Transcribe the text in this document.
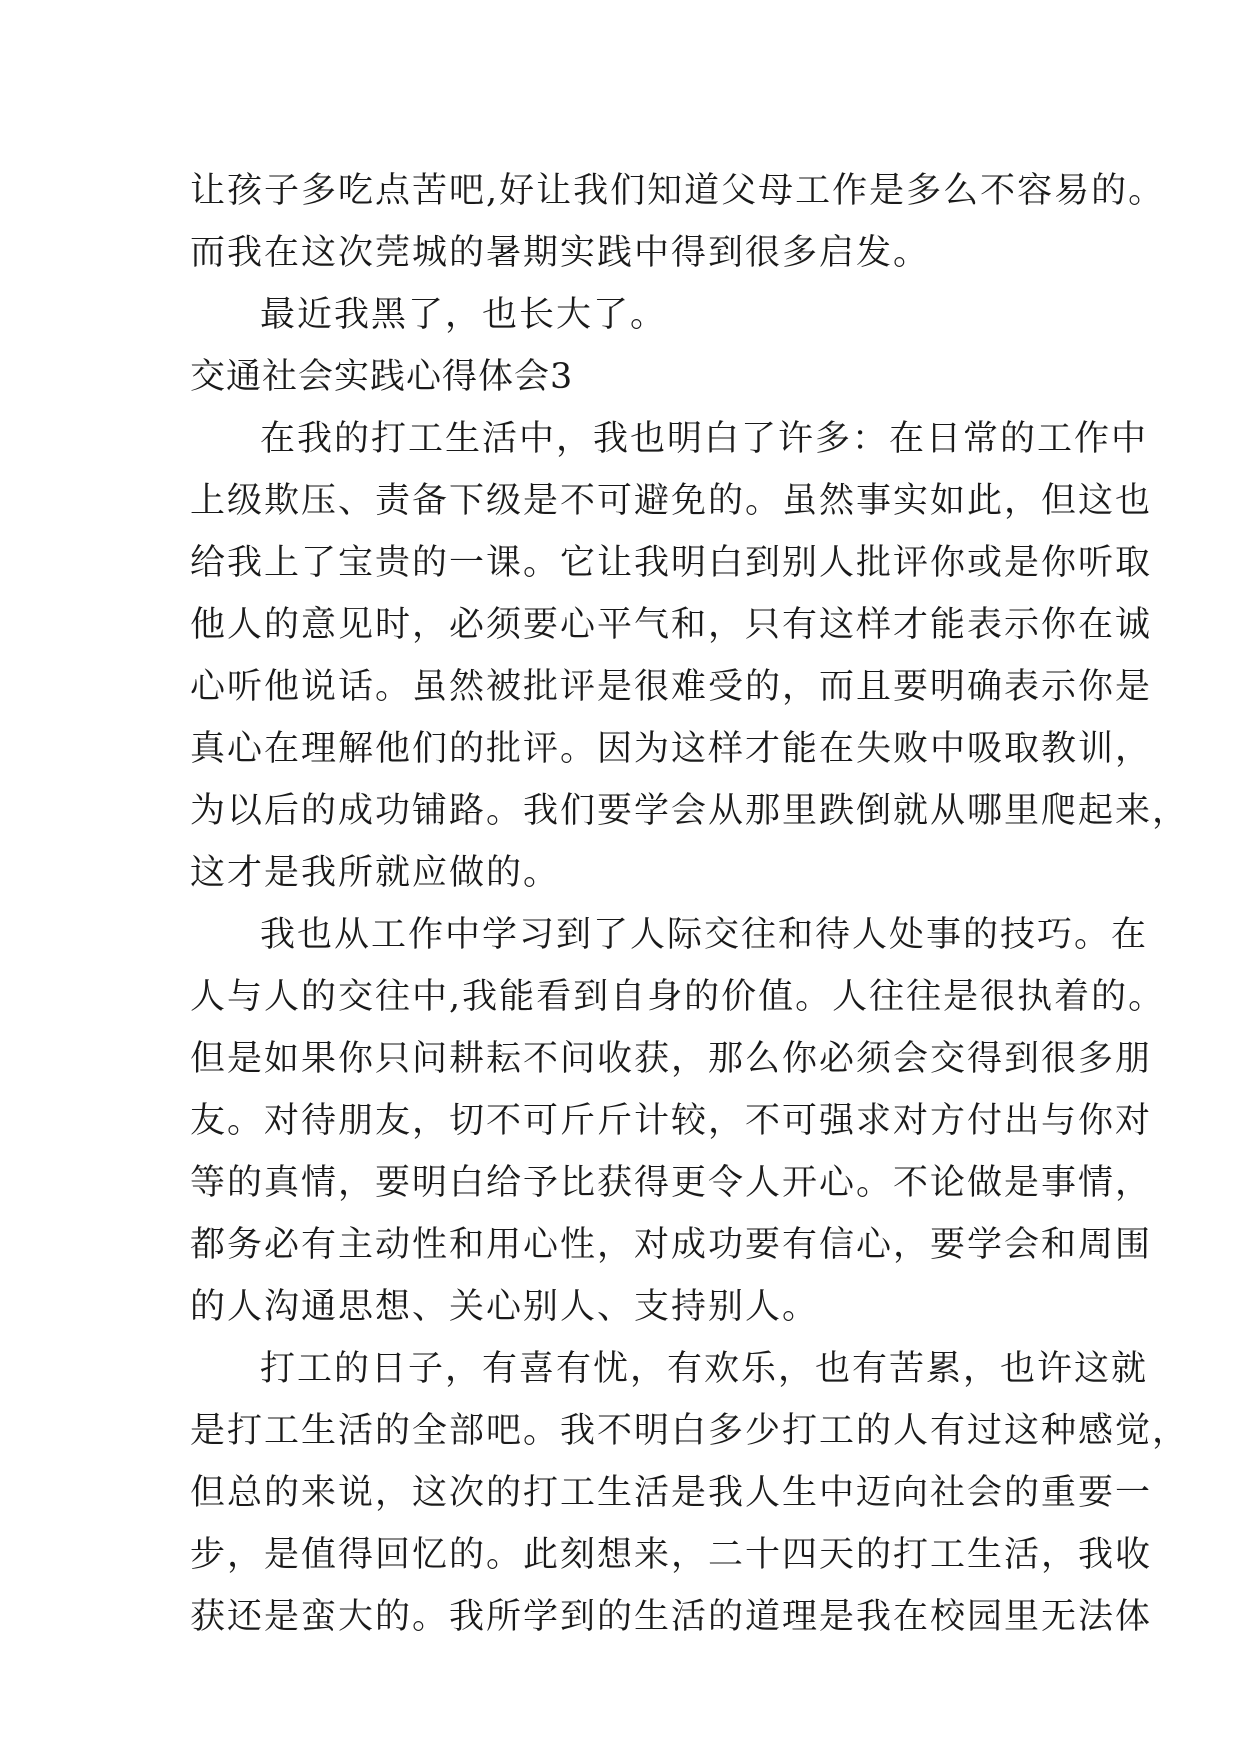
让孩子多吃点苦吧,好让我们知道父母工作是多么不容易的。
而我在这次莞城的暑期实践中得到很多启发。
最近我黑了，也长大了。
交通社会实践心得体会3
在我的打工生活中，我也明白了许多：在日常的工作中
上级欺压、责备下级是不可避免的。虽然事实如此，但这也
给我上了宝贵的一课。它让我明白到别人批评你或是你听取
他人的意见时，必须要心平气和，只有这样才能表示你在诚
心听他说话。虽然被批评是很难受的，而且要明确表示你是
真心在理解他们的批评。因为这样才能在失败中吸取教训，
为以后的成功铺路。我们要学会从那里跌倒就从哪里爬起来，
这才是我所就应做的。
我也从工作中学习到了人际交往和待人处事的技巧。在
人与人的交往中,我能看到自身的价值。人往往是很执着的。
但是如果你只问耕耘不问收获，那么你必须会交得到很多朋
友。对待朋友，切不可斤斤计较，不可强求对方付出与你对
等的真情，要明白给予比获得更令人开心。不论做是事情，
都务必有主动性和用心性，对成功要有信心，要学会和周围
的人沟通思想、关心别人、支持别人。
打工的日子，有喜有忧，有欢乐，也有苦累，也许这就
是打工生活的全部吧。我不明白多少打工的人有过这种感觉，
但总的来说，这次的打工生活是我人生中迈向社会的重要一
步，是值得回忆的。此刻想来，二十四天的打工生活，我收
获还是蛮大的。我所学到的生活的道理是我在校园里无法体
